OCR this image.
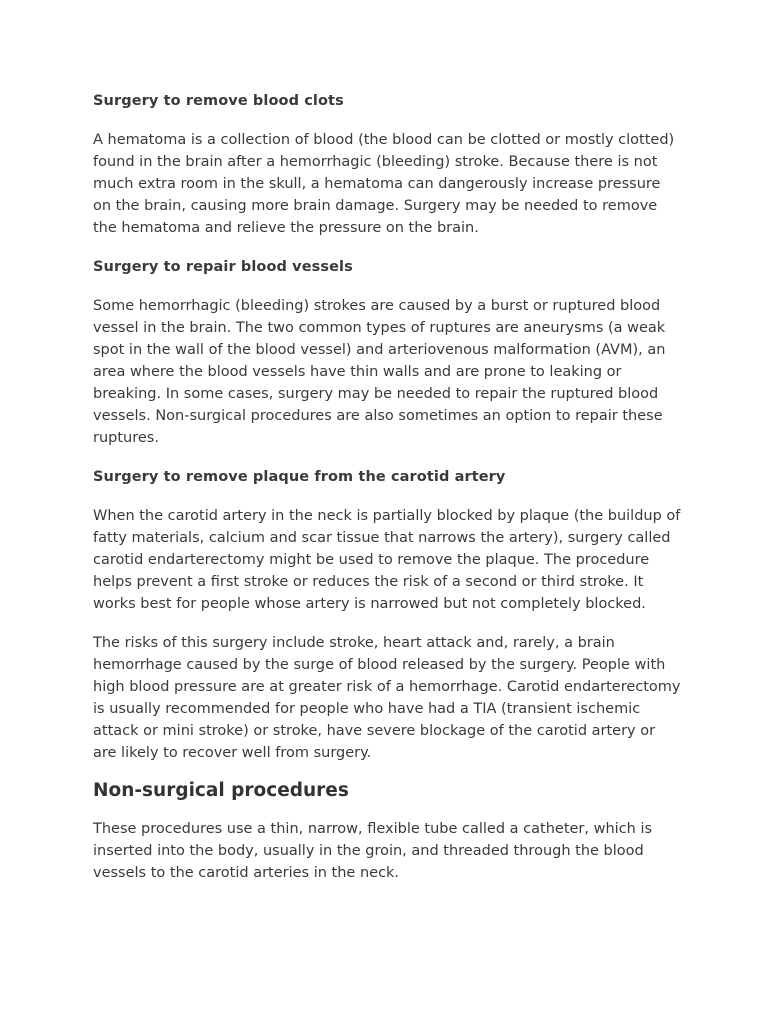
Surgery to remove blood clots

A hematoma is a collection of blood (the blood can be clotted or mostly clotted) found in the brain after a hemorrhagic (bleeding) stroke. Because there is not much extra room in the skull, a hematoma can dangerously increase pressure on the brain, causing more brain damage. Surgery may be needed to remove the hematoma and relieve the pressure on the brain.

Surgery to repair blood vessels

Some hemorrhagic (bleeding) strokes are caused by a burst or ruptured blood vessel in the brain. The two common types of ruptures are aneurysms (a weak spot in the wall of the blood vessel) and arteriovenous malformation (AVM), an area where the blood vessels have thin walls and are prone to leaking or breaking. In some cases, surgery may be needed to repair the ruptured blood vessels. Non-surgical procedures are also sometimes an option to repair these ruptures.

Surgery to remove plaque from the carotid artery

When the carotid artery in the neck is partially blocked by plaque (the buildup of fatty materials, calcium and scar tissue that narrows the artery), surgery called carotid endarterectomy might be used to remove the plaque. The procedure helps prevent a first stroke or reduces the risk of a second or third stroke. It works best for people whose artery is narrowed but not completely blocked.

The risks of this surgery include stroke, heart attack and, rarely, a brain hemorrhage caused by the surge of blood released by the surgery. People with high blood pressure are at greater risk of a hemorrhage. Carotid endarterectomy is usually recommended for people who have had a TIA (transient ischemic attack or mini stroke) or stroke, have severe blockage of the carotid artery or are likely to recover well from surgery.

Non-surgical procedures

These procedures use a thin, narrow, flexible tube called a catheter, which is inserted into the body, usually in the groin, and threaded through the blood vessels to the carotid arteries in the neck.
